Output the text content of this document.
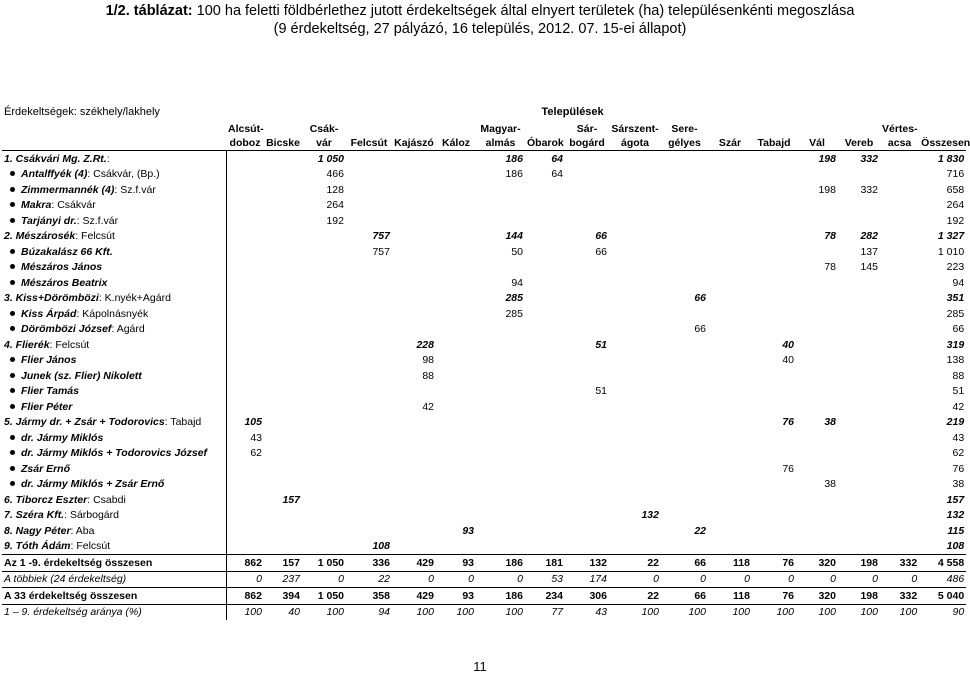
1/2. táblázat: 100 ha feletti földbérlethez jutott érdekeltségek által elnyert területek (ha) településenkénti megoszlása
(9 érdekeltség, 27 pályázó, 16 település, 2012. 07. 15-ei állapot)
Érdekeltségek: székhely/lakhely	Települések																
	Alcsút-doboz	Bicske	Csák-vár	Felcsút	Kajászó	Káloz	Magyar-almás	Óbarok	Sár-bogárd	Sárszent-ágota	Sere-gélyes	Szár	Tabajd	Vál	Vereb	Vértes-acsa	Összesen
1. Csákvári Mg. Z.Rt.:			1 050				186	64						198	332		1 830
Antalffyék (4): Csákvár, (Bp.)			466				186	64									716
Zimmermannék (4): Sz.f.vár			128											198	332		658
Makra: Csákvár			264														264
Tarjányi dr.: Sz.f.vár			192														192
2. Mészárosék: Felcsút				757			144		66					78	282		1 327
Búzakalász 66 Kft.				757			50		66						137		1 010
Mészáros János														78	145		223
Mészáros Beatrix							94										94
3. Kiss+Dörömbözi: K.nyék+Agárd							285				66						351
Kiss Árpád: Kápolnásnyék							285										285
Dörömbözi József: Agárd											66						66
4. Flierék: Felcsút					228				51				40				319
Flier János					98								40				138
Junek (sz. Flier) Nikolett					88												88
Flier Tamás									51								51
Flier Péter					42												42
5. Jármy dr. + Zsár + Todorovics: Tabajd	105												76	38			219
dr. Jármy Miklós	43																43
dr. Jármy Miklós + Todorovics József	62																62
Zsár Ernő													76				76
dr. Jármy Miklós + Zsár Ernő														38			38
6. Tiborcz Eszter: Csabdi		157															157
7. Széra Kft.: Sárbogárd										132							132
8. Nagy Péter: Aba						93					22						115
9. Tóth Ádám: Felcsút				108													108
Az 1 -9. érdekeltség összesen	862	157	1 050	336	429	93	186	181	132	22	66	118	76	320	198	332	4 558
A többiek (24 érdekeltség)	0	237	0	22	0	0	0	53	174	0	0	0	0	0	0	0	486
A 33 érdekeltség összesen	862	394	1 050	358	429	93	186	234	306	22	66	118	76	320	198	332	5 040
1 – 9. érdekeltség aránya (%)	100	40	100	94	100	100	100	77	43	100	100	100	100	100	100	100	90
11
